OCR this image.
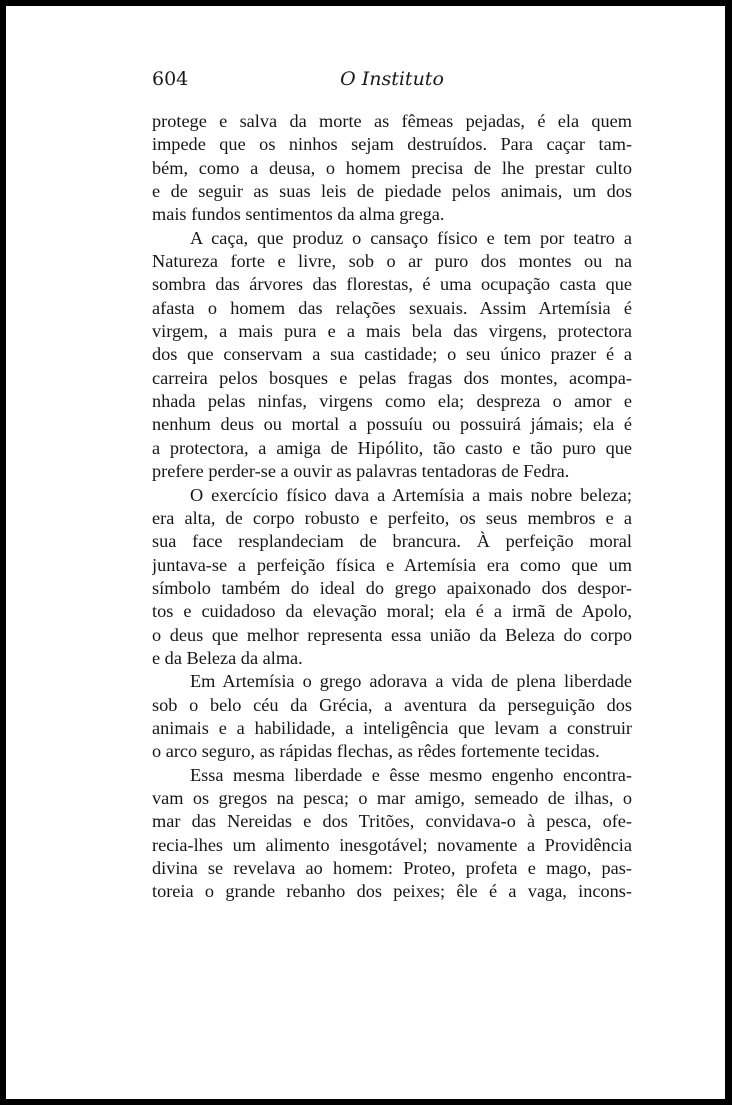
604	O Instituto
protege e salva da morte as fêmeas pejadas, é ela quem
impede que os ninhos sejam destruídos. Para caçar tam-
bém, como a deusa, o homem precisa de lhe prestar culto
e de seguir as suas leis de piedade pelos animais, um dos
mais fundos sentimentos da alma grega.
A caça, que produz o cansaço físico e tem por teatro a
Natureza forte e livre, sob o ar puro dos montes ou na
sombra das árvores das florestas, é uma ocupação casta que
afasta o homem das relações sexuais. Assim Artemísia é
virgem, a mais pura e a mais bela das virgens, protectora
dos que conservam a sua castidade; o seu único prazer é a
carreira pelos bosques e pelas fragas dos montes, acompa-
nhada pelas ninfas, virgens como ela; despreza o amor e
nenhum deus ou mortal a possuíu ou possuirá jámais; ela é
a protectora, a amiga de Hipólito, tão casto e tão puro que
prefere perder-se a ouvir as palavras tentadoras de Fedra.
O exercício físico dava a Artemísia a mais nobre beleza;
era alta, de corpo robusto e perfeito, os seus membros e a
sua face resplandeciam de brancura. À perfeição moral
juntava-se a perfeição física e Artemísia era como que um
símbolo também do ideal do grego apaixonado dos despor-
tos e cuidadoso da elevação moral; ela é a irmã de Apolo,
o deus que melhor representa essa união da Beleza do corpo
e da Beleza da alma.
Em Artemísia o grego adorava a vida de plena liberdade
sob o belo céu da Grécia, a aventura da perseguição dos
animais e a habilidade, a inteligência que levam a construir
o arco seguro, as rápidas flechas, as rêdes fortemente tecidas.
Essa mesma liberdade e êsse mesmo engenho encontra-
vam os gregos na pesca; o mar amigo, semeado de ilhas, o
mar das Nereidas e dos Tritões, convidava-o à pesca, ofe-
recia-lhes um alimento inesgotável; novamente a Providência
divina se revelava ao homem: Proteo, profeta e mago, pas-
toreia o grande rebanho dos peixes; êle é a vaga, incons-
